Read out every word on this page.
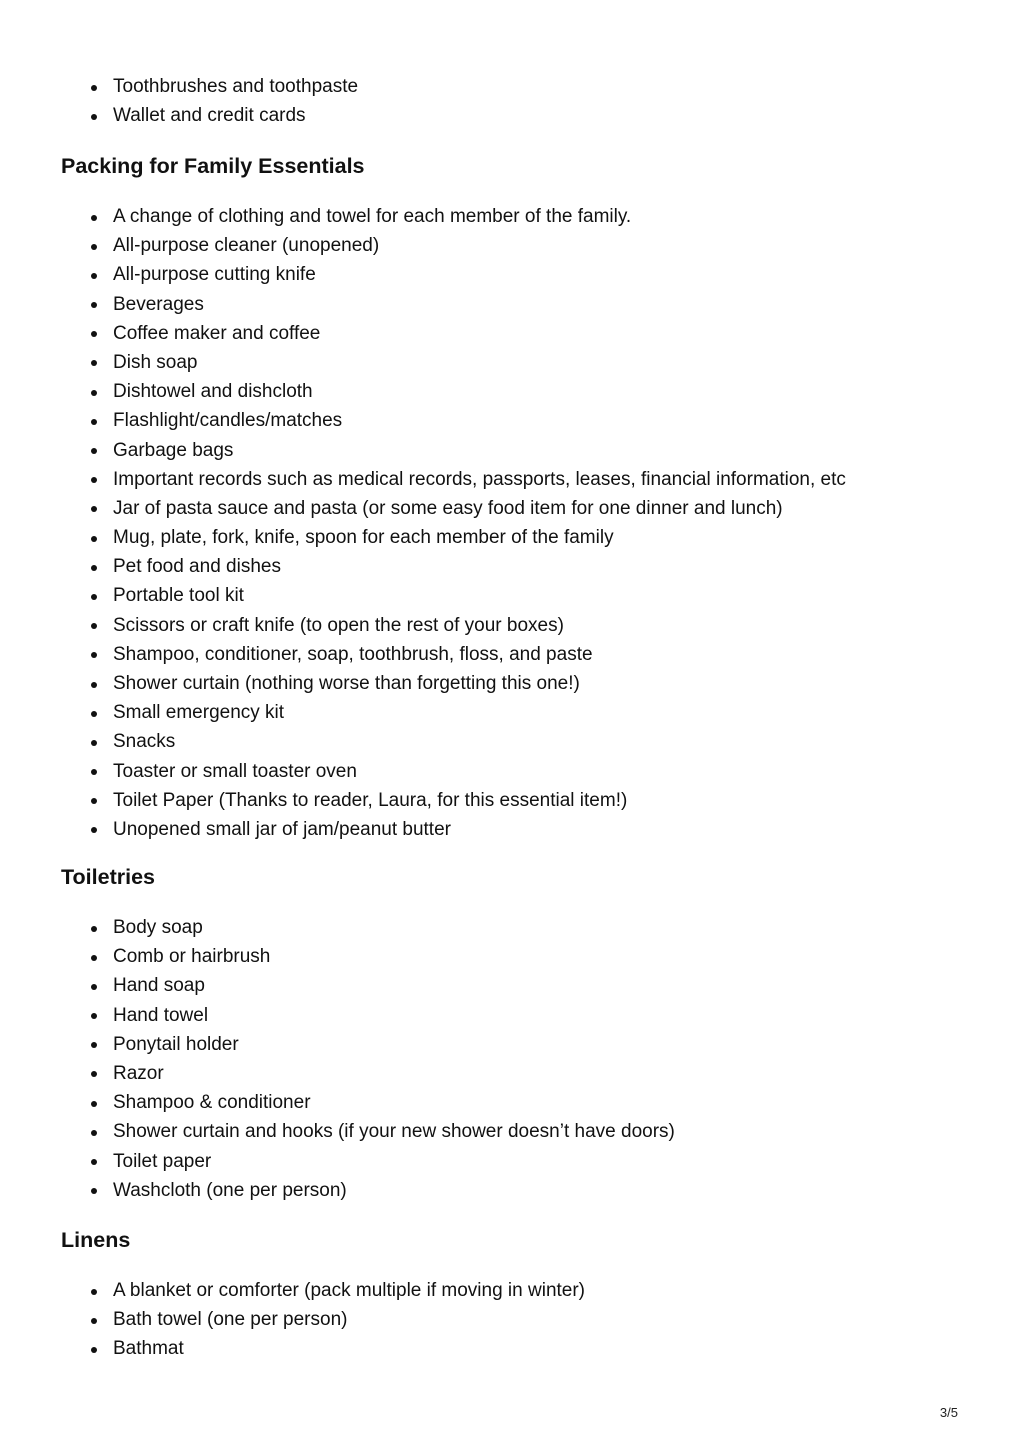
Toothbrushes and toothpaste
Wallet and credit cards
Packing for Family Essentials
A change of clothing and towel for each member of the family.
All-purpose cleaner (unopened)
All-purpose cutting knife
Beverages
Coffee maker and coffee
Dish soap
Dishtowel and dishcloth
Flashlight/candles/matches
Garbage bags
Important records such as medical records, passports, leases, financial information, etc
Jar of pasta sauce and pasta (or some easy food item for one dinner and lunch)
Mug, plate, fork, knife, spoon for each member of the family
Pet food and dishes
Portable tool kit
Scissors or craft knife (to open the rest of your boxes)
Shampoo, conditioner, soap, toothbrush, floss, and paste
Shower curtain (nothing worse than forgetting this one!)
Small emergency kit
Snacks
Toaster or small toaster oven
Toilet Paper (Thanks to reader, Laura, for this essential item!)
Unopened small jar of jam/peanut butter
Toiletries
Body soap
Comb or hairbrush
Hand soap
Hand towel
Ponytail holder
Razor
Shampoo & conditioner
Shower curtain and hooks (if your new shower doesn’t have doors)
Toilet paper
Washcloth (one per person)
Linens
A blanket or comforter (pack multiple if moving in winter)
Bath towel (one per person)
Bathmat
3/5
